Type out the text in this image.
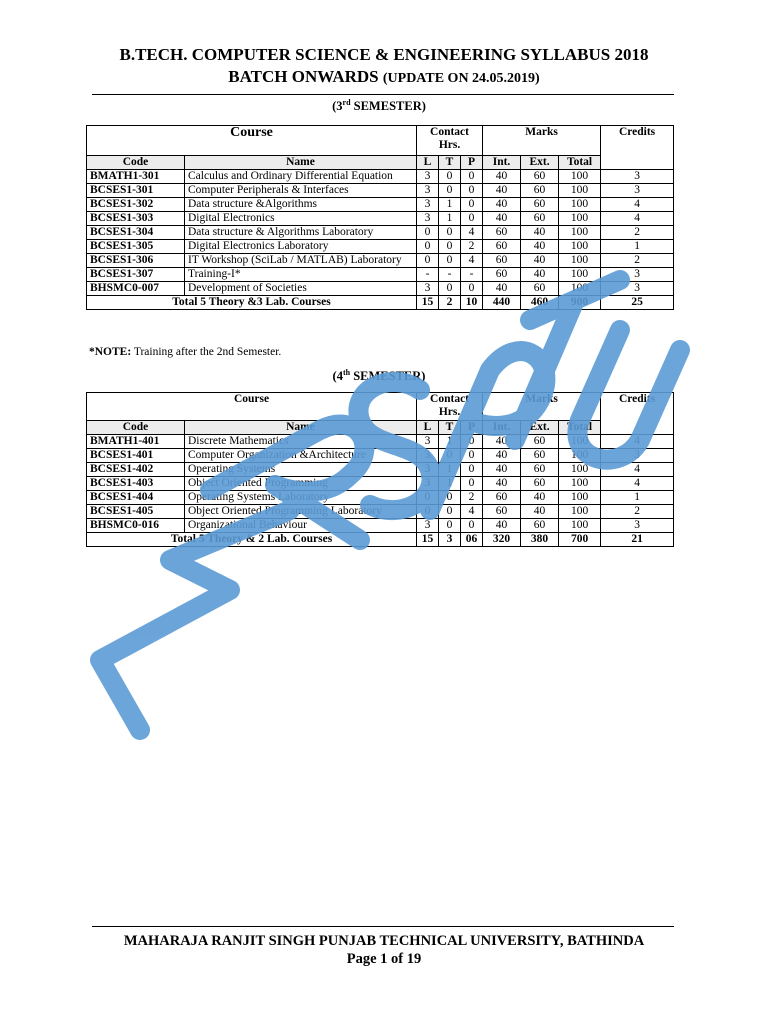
B.TECH. COMPUTER SCIENCE & ENGINEERING SYLLABUS 2018
BATCH ONWARDS (UPDATE ON 24.05.2019)
(3rd SEMESTER)
Course		Contact Hrs.			Marks			Credits
Code	Name	L	T	P	Int.	Ext.	Total	
BMATH1-301	Calculus and Ordinary Differential Equation	3	0	0	40	60	100	3
BCSES1-301	Computer Peripherals & Interfaces	3	0	0	40	60	100	3
BCSES1-302	Data structure &Algorithms	3	1	0	40	60	100	4
BCSES1-303	Digital Electronics	3	1	0	40	60	100	4
BCSES1-304	Data structure & Algorithms Laboratory	0	0	4	60	40	100	2
BCSES1-305	Digital Electronics Laboratory	0	0	2	60	40	100	1
BCSES1-306	IT Workshop (SciLab / MATLAB) Laboratory	0	0	4	60	40	100	2
BCSES1-307	Training-I*	-	-	-	60	40	100	3
BHSMC0-007	Development of Societies	3	0	0	40	60	100	3
Total 5 Theory &3 Lab. Courses		15	2	10	440	460	900	25
*NOTE: Training after the 2nd Semester.
(4th SEMESTER)
Course		Contact Hrs.			Marks			Credits
Code	Name	L	T	P	Int.	Ext.	Total	
BMATH1-401	Discrete Mathematics	3	1	0	40	60	100	4
BCSES1-401	Computer Organization &Architecture	3	0	0	40	60	100	3
BCSES1-402	Operating Systems	3	1	0	40	60	100	4
BCSES1-403	Object Oriented Programming	3	1	0	40	60	100	4
BCSES1-404	Operating Systems Laboratory	0	0	2	60	40	100	1
BCSES1-405	Object Oriented Programming Laboratory	0	0	4	60	40	100	2
BHSMC0-016	Organizational Behaviour	3	0	0	40	60	100	3
Total 5 Theory & 2 Lab. Courses		15	3	06	320	380	700	21
MAHARAJA RANJIT SINGH PUNJAB TECHNICAL UNIVERSITY, BATHINDA
Page 1 of 19
